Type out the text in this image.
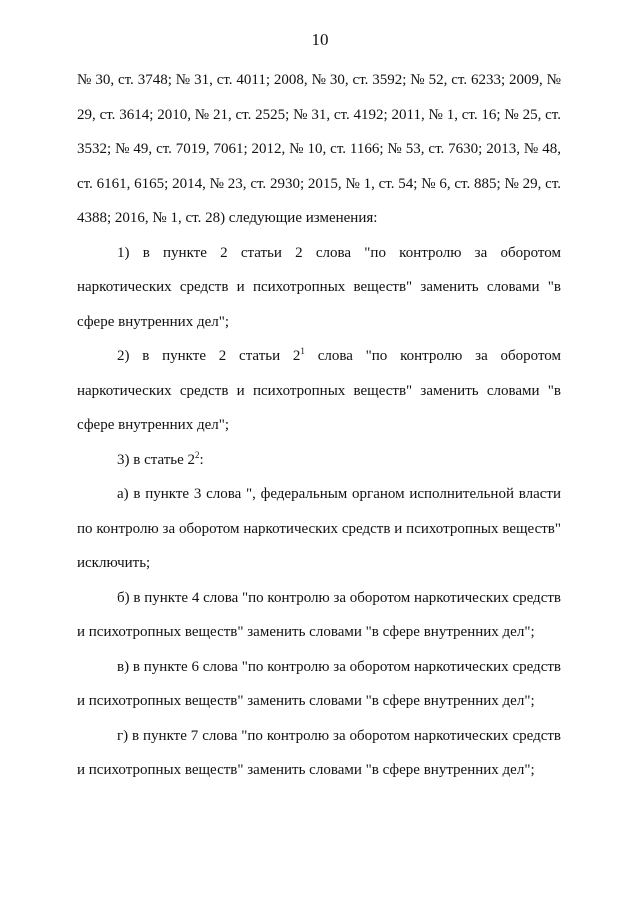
10

№ 30, ст. 3748; № 31, ст. 4011; 2008, № 30, ст. 3592; № 52, ст. 6233; 2009, № 29, ст. 3614; 2010, № 21, ст. 2525; № 31, ст. 4192; 2011, № 1, ст. 16; № 25, ст. 3532; № 49, ст. 7019, 7061; 2012, № 10, ст. 1166; № 53, ст. 7630; 2013, № 48, ст. 6161, 6165; 2014, № 23, ст. 2930; 2015, № 1, ст. 54; № 6, ст. 885; № 29, ст. 4388; 2016, № 1, ст. 28) следующие изменения:

1) в пункте 2 статьи 2 слова "по контролю за оборотом наркотических средств и психотропных веществ" заменить словами "в сфере внутренних дел";

2) в пункте 2 статьи $2^1$ слова "по контролю за оборотом наркотических средств и психотропных веществ" заменить словами "в сфере внутренних дел";

3) в статье $2^2$:

а) в пункте 3 слова ", федеральным органом исполнительной власти по контролю за оборотом наркотических средств и психотропных веществ" исключить;

б) в пункте 4 слова "по контролю за оборотом наркотических средств и психотропных веществ" заменить словами "в сфере внутренних дел";

в) в пункте 6 слова "по контролю за оборотом наркотических средств и психотропных веществ" заменить словами "в сфере внутренних дел";

г) в пункте 7 слова "по контролю за оборотом наркотических средств и психотропных веществ" заменить словами "в сфере внутренних дел";
